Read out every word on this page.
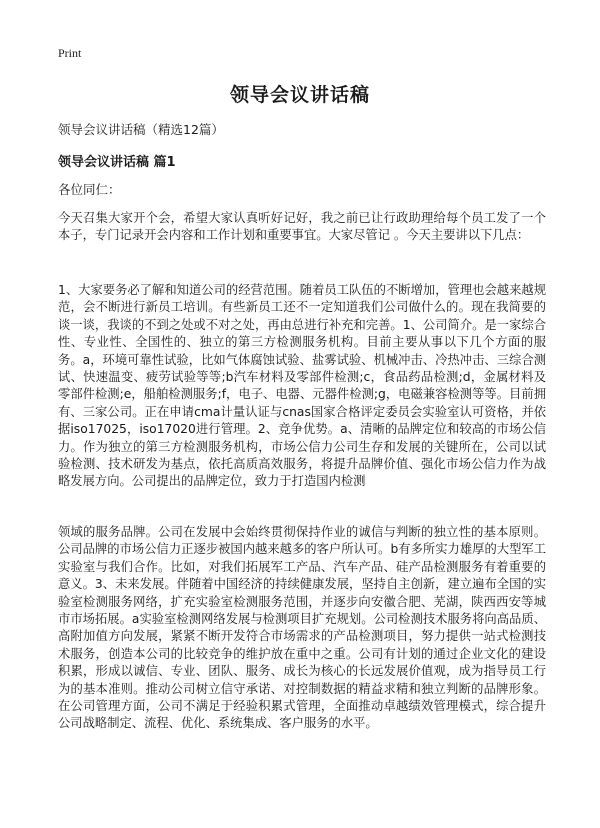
Print
领导会议讲话稿
领导会议讲话稿（精选12篇）
领导会议讲话稿 篇1
各位同仁：

今天召集大家开个会，希望大家认真听好记好，我之前已让行政助理给每个员工发了一个本子，专门记录开会内容和工作计划和重要事宜。大家尽管记 。今天主要讲以下几点：

1、大家要务必了解和知道公司的经营范围。随着员工队伍的不断增加，管理也会越来越规范，会不断进行新员工培训。有些新员工还不一定知道我们公司做什么的。现在我简要的谈一谈，我谈的不到之处或不对之处，再由总进行补充和完善。1、公司简介。是一家综合性、专业性、全国性的、独立的第三方检测服务机构。目前主要从事以下几个方面的服务。a，环境可靠性试验，比如气体腐蚀试验、盐雾试验、机械冲击、冷热冲击、三综合测试、快速温变、疲劳试验等等;b汽车材料及零部件检测;c，食品药品检测;d，金属材料及零部件检测;e，船舶检测服务;f，电子、电器、元器件检测;g，电磁兼容检测等等。目前拥有、三家公司。正在申请cma计量认证与cnas国家合格评定委员会实验室认可资格，并依据iso17025，iso17020进行管理。2、竞争优势。a、清晰的品牌定位和较高的市场公信力。作为独立的第三方检测服务机构，市场公信力公司生存和发展的关键所在，公司以试验检测、技术研发为基点，依托高质高效服务，将提升品牌价值、强化市场公信力作为战略发展方向。公司提出的品牌定位，致力于打造国内检测

领域的服务品牌。公司在发展中会始终贯彻保持作业的诚信与判断的独立性的基本原则。公司品牌的市场公信力正逐步被国内越来越多的客户所认可。b有多所实力雄厚的大型军工实验室与我们合作。比如，对我们拓展军工产品、汽车产品、硅产品检测服务有着重要的意义。3、未来发展。伴随着中国经济的持续健康发展，坚持自主创新，建立遍布全国的实验室检测服务网络，扩充实验室检测服务范围，并逐步向安徽合肥、芜湖，陕西西安等城市市场拓展。a实验室检测网络发展与检测项目扩充规划。公司检测技术服务将向高品质、高附加值方向发展，紧紧不断开发符合市场需求的产品检测项目，努力提供一站式检测技术服务，创造本公司的比较竞争的维护放在重中之重。公司有计划的通过企业文化的建设积累，形成以诚信、专业、团队、服务、成长为核心的长远发展价值观，成为指导员工行为的基本准则。推动公司树立信守承诺、对控制数据的精益求精和独立判断的品牌形象。在公司管理方面，公司不满足于经验积累式管理，全面推动卓越绩效管理模式，综合提升公司战略制定、流程、优化、系统集成、客户服务的水平。
